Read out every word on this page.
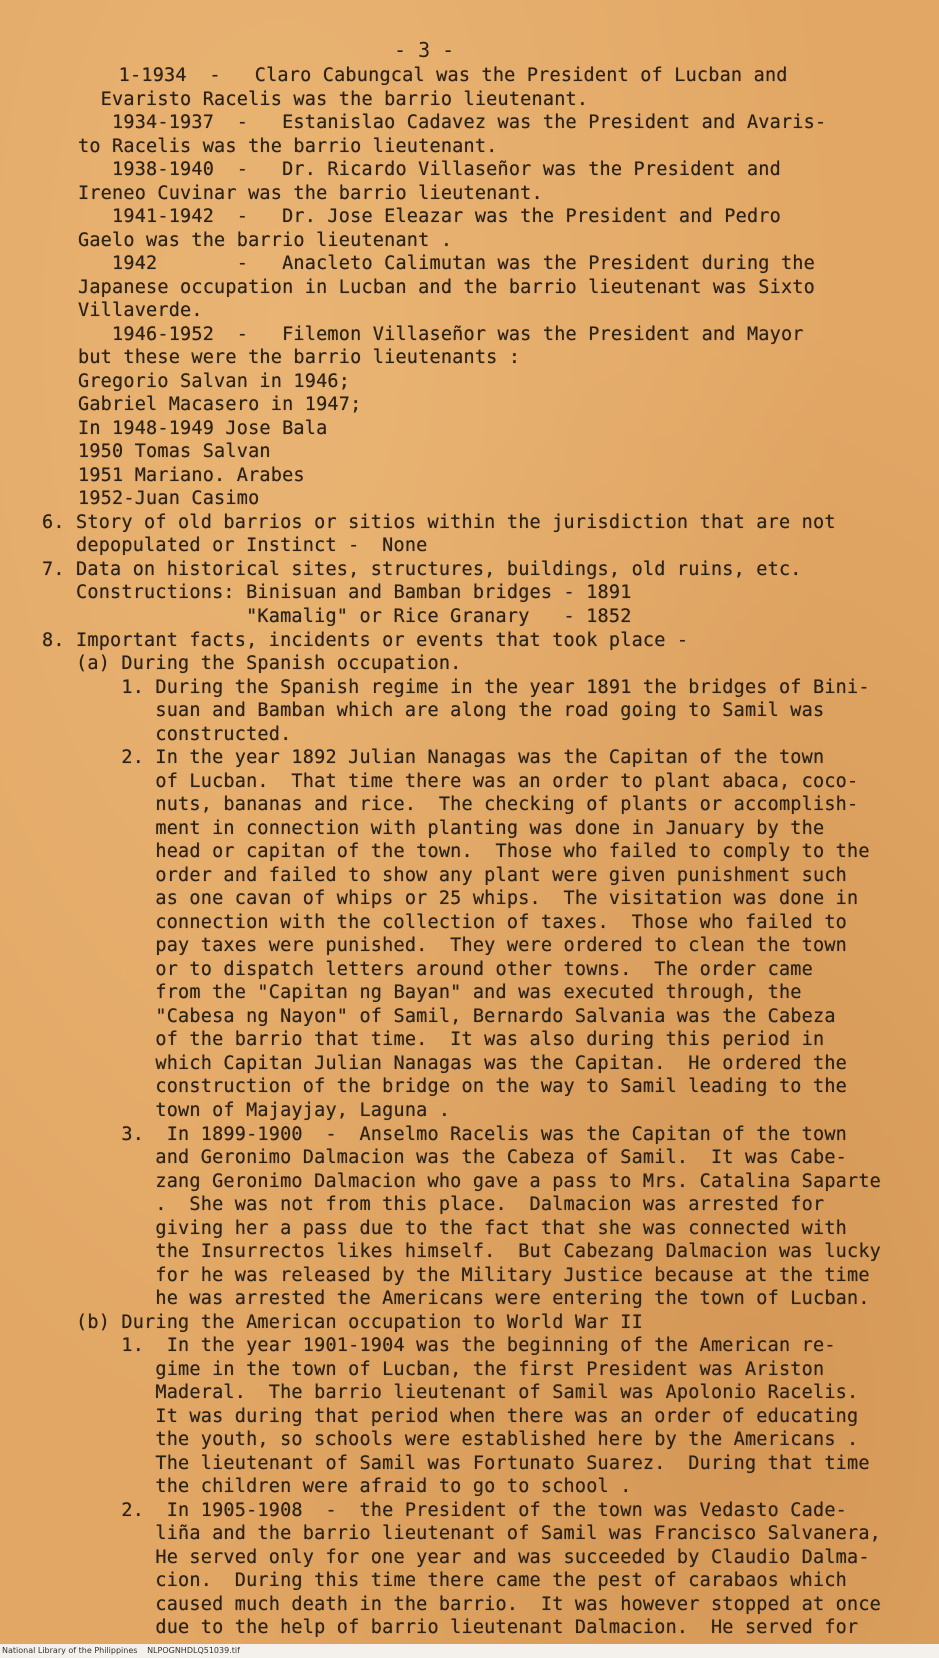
- 3 -
1-1934  -   Claro Cabungcal was the President of Lucban and
Evaristo Racelis was the barrio lieutenant.
1934-1937  -   Estanislao Cadavez was the President and Avaris-
to Racelis was the barrio lieutenant.
1938-1940  -   Dr. Ricardo Villaseñor was the President and
Ireneo Cuvinar was the barrio lieutenant.
1941-1942  -   Dr. Jose Eleazar was the President and Pedro
Gaelo was the barrio lieutenant .
1942       -   Anacleto Calimutan was the President during the
Japanese occupation in Lucban and the barrio lieutenant was Sixto
Villaverde.
1946-1952  -   Filemon Villaseñor was the President and Mayor
but these were the barrio lieutenants :
Gregorio Salvan in 1946;
Gabriel Macasero in 1947;
In 1948-1949 Jose Bala
1950 Tomas Salvan
1951 Mariano. Arabes
1952-Juan Casimo
6. Story of old barrios or sitios within the jurisdiction that are not
depopulated or Instinct -  None
7. Data on historical sites, structures, buildings, old ruins, etc.
Constructions: Binisuan and Bamban bridges - 1891
"Kamalig" or Rice Granary   - 1852
8. Important facts, incidents or events that took place -
(a) During the Spanish occupation.
1. During the Spanish regime in the year 1891 the bridges of Bini-
suan and Bamban which are along the road going to Samil was
constructed.
2. In the year 1892 Julian Nanagas was the Capitan of the town
of Lucban.  That time there was an order to plant abaca, coco-
nuts, bananas and rice.  The checking of plants or accomplish-
ment in connection with planting was done in January by the
head or capitan of the town.  Those who failed to comply to the
order and failed to show any plant were given punishment such
as one cavan of whips or 25 whips.  The visitation was done in
connection with the collection of taxes.  Those who failed to
pay taxes were punished.  They were ordered to clean the town
or to dispatch letters around other towns.  The order came
from the "Capitan ng Bayan" and was executed through, the
"Cabesa ng Nayon" of Samil, Bernardo Salvania was the Cabeza
of the barrio that time.  It was also during this period in
which Capitan Julian Nanagas was the Capitan.  He ordered the
construction of the bridge on the way to Samil leading to the
town of Majayjay, Laguna .
3.  In 1899-1900  -  Anselmo Racelis was the Capitan of the town
and Geronimo Dalmacion was the Cabeza of Samil.  It was Cabe-
zang Geronimo Dalmacion who gave a pass to Mrs. Catalina Saparte
.  She was not from this place.  Dalmacion was arrested for
giving her a pass due to the fact that she was connected with
the Insurrectos likes himself.  But Cabezang Dalmacion was lucky
for he was released by the Military Justice because at the time
he was arrested the Americans were entering the town of Lucban.
(b) During the American occupation to World War II
1.  In the year 1901-1904 was the beginning of the American re-
gime in the town of Lucban, the first President was Ariston
Maderal.  The barrio lieutenant of Samil was Apolonio Racelis.
It was during that period when there was an order of educating
the youth, so schools were established here by the Americans .
The lieutenant of Samil was Fortunato Suarez.  During that time
the children were afraid to go to school .
2.  In 1905-1908  -  the President of the town was Vedasto Cade-
liña and the barrio lieutenant of Samil was Francisco Salvanera,
He served only for one year and was succeeded by Claudio Dalma-
cion.  During this time there came the pest of carabaos which
caused much death in the barrio.  It was however stopped at once
due to the help of barrio lieutenant Dalmacion.  He served for
National Library of the Philippines NLPOGNHDLQ51039.tif
